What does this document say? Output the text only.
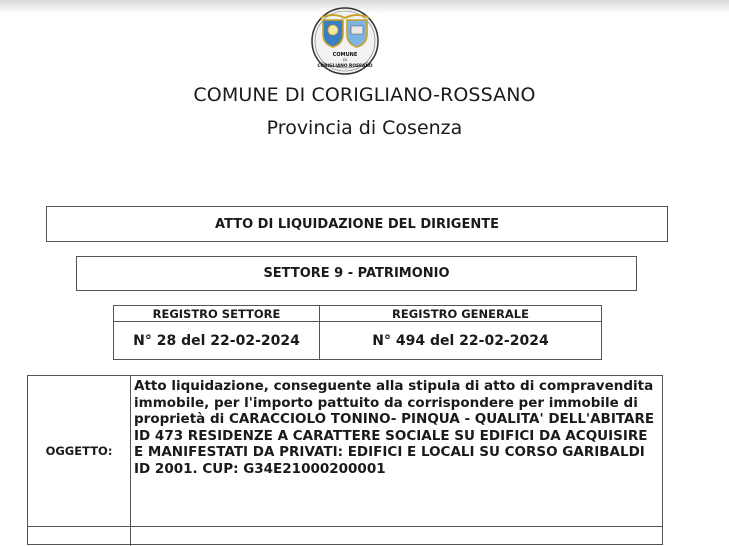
COMUNE
DI
CORIGLIANO ROSSANO
COMUNE DI CORIGLIANO-ROSSANO
Provincia di Cosenza
ATTO DI LIQUIDAZIONE DEL DIRIGENTE
SETTORE 9 - PATRIMONIO
REGISTRO SETTORE	REGISTRO GENERALE
N° 28 del 22-02-2024	N° 494 del 22-02-2024
OGGETTO:
Atto liquidazione, conseguente alla stipula di atto di compravendita immobile, per l'importo pattuito da corrispondere per immobile di proprietà di CARACCIOLO TONINO- PINQUA - QUALITA' DELL'ABITARE ID 473 RESIDENZE A CARATTERE SOCIALE SU EDIFICI DA ACQUISIRE E MANIFESTATI DA PRIVATI: EDIFICI E LOCALI SU CORSO GARIBALDI ID 2001. CUP: G34E21000200001
